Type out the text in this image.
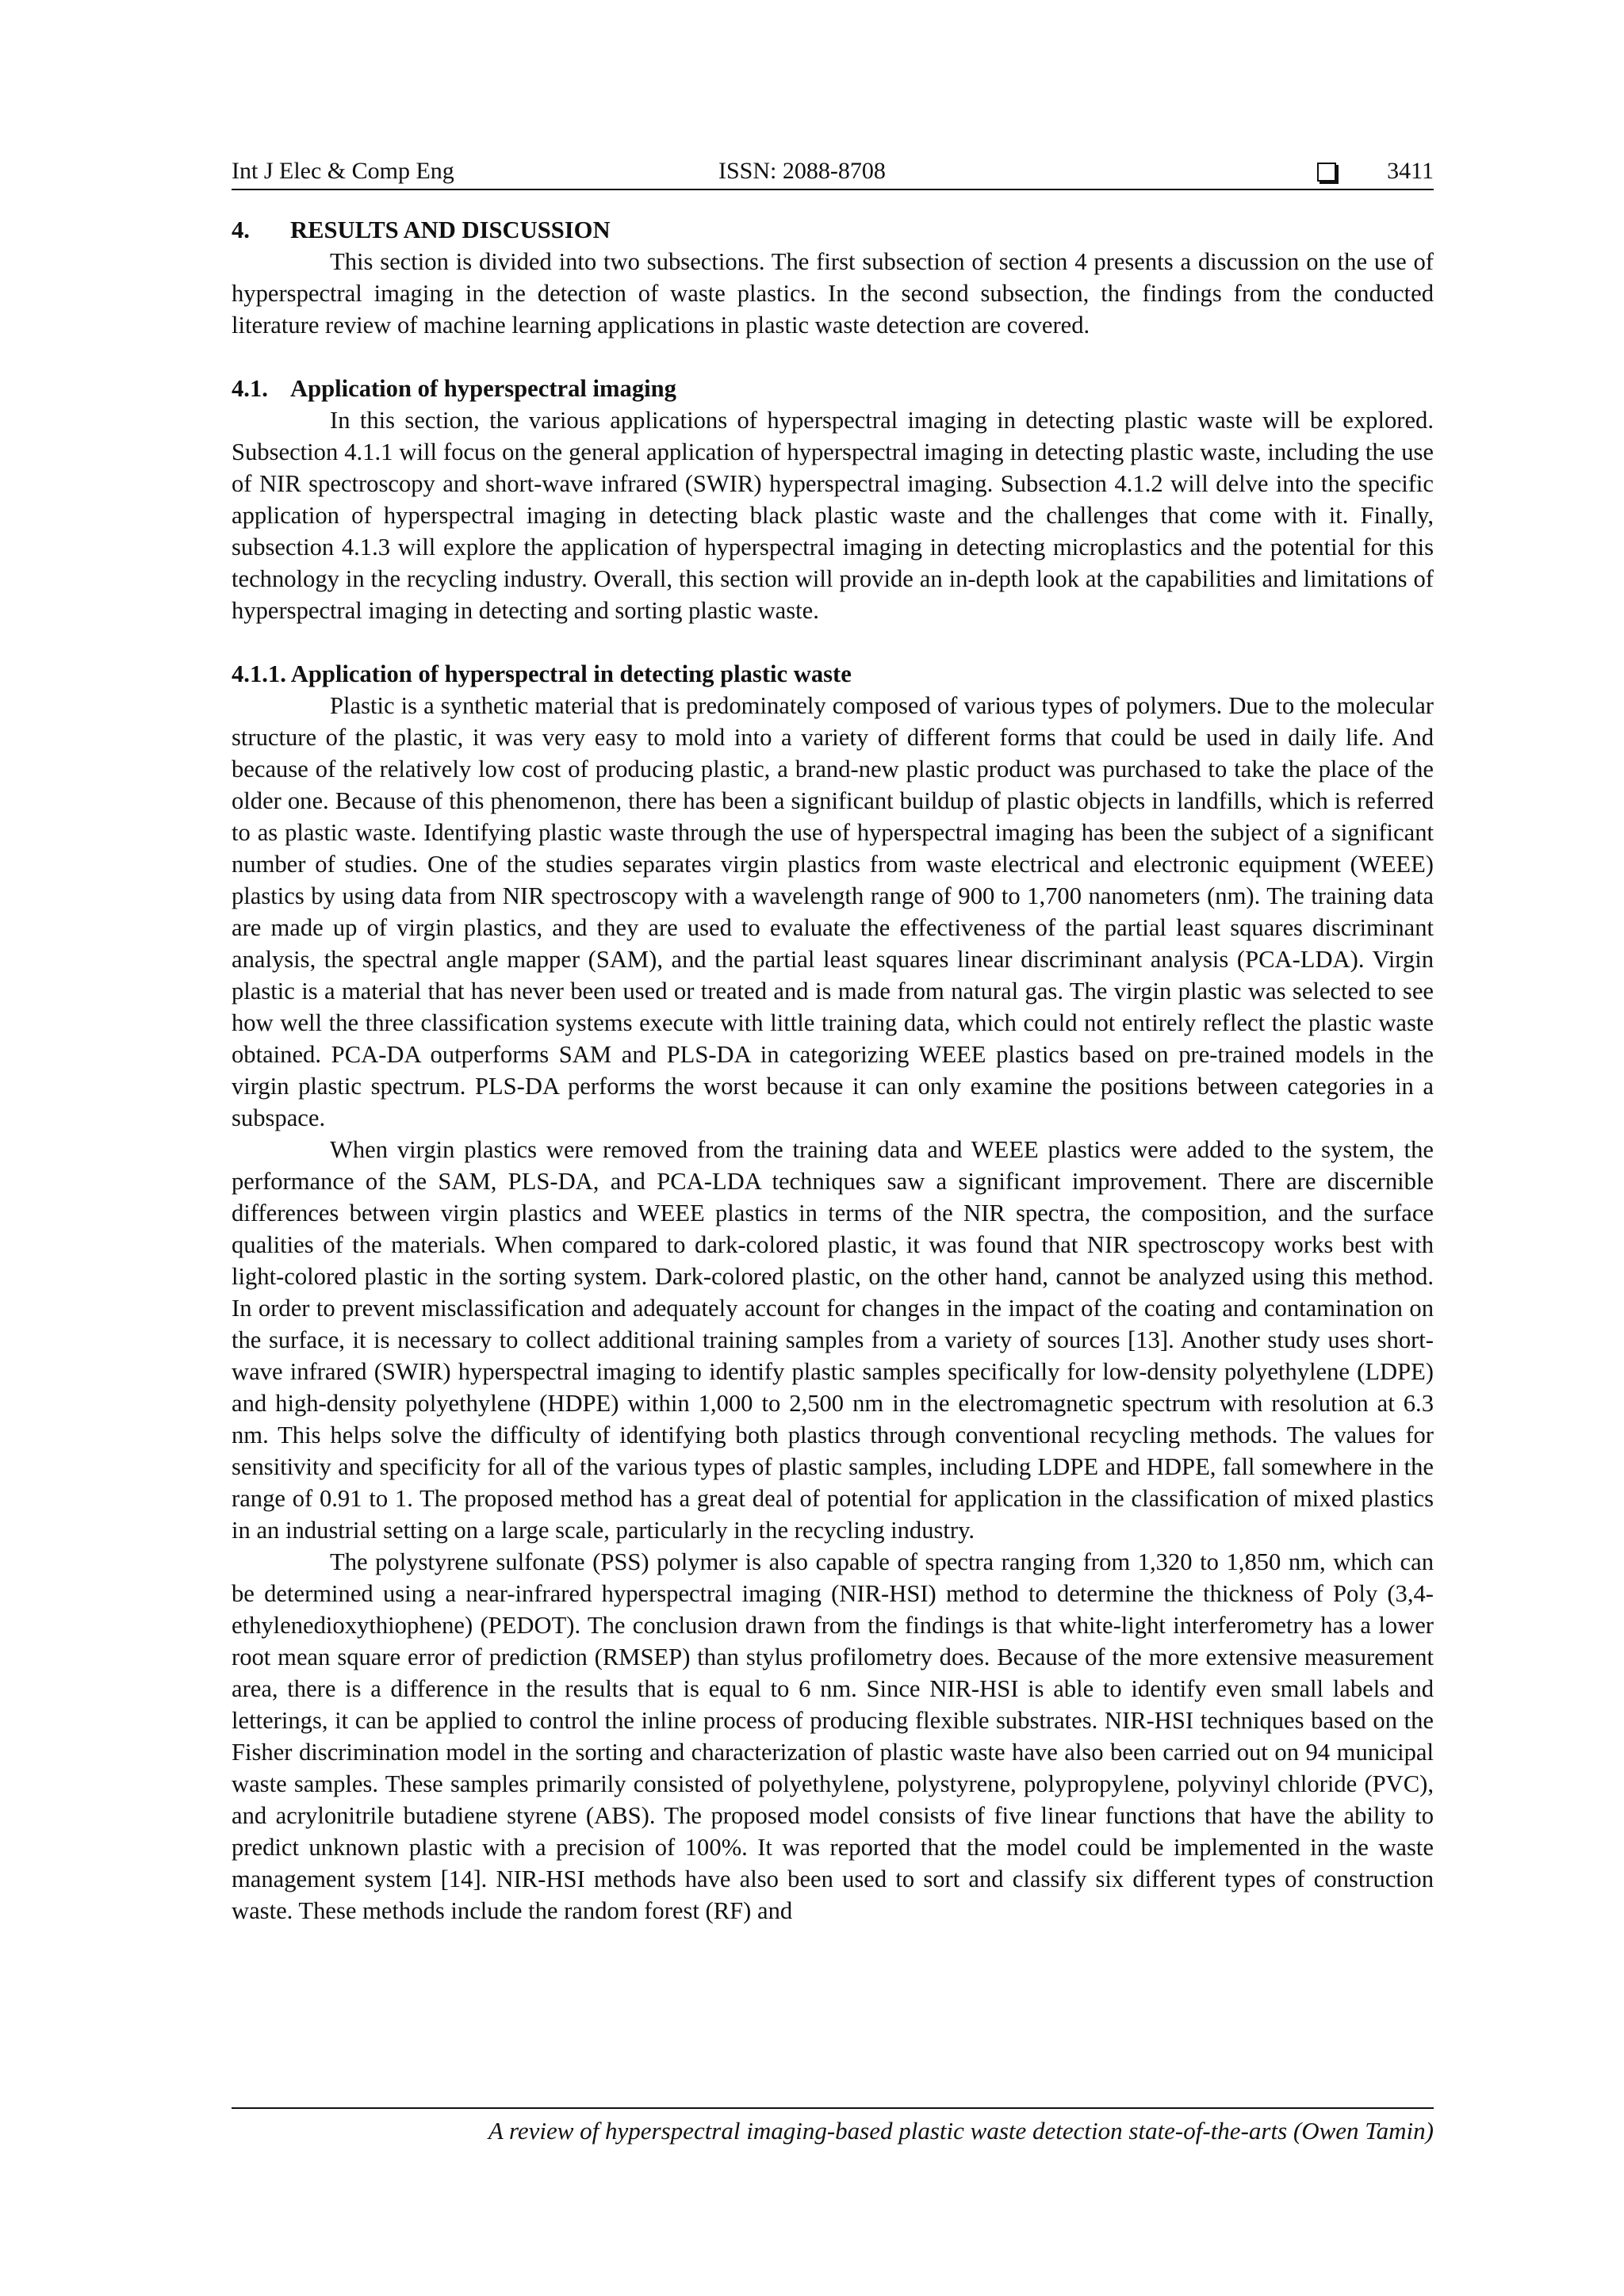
Int J Elec & Comp Eng	ISSN: 2088-8708	3411
4. RESULTS AND DISCUSSION

This section is divided into two subsections. The first subsection of section 4 presents a discussion on the use of hyperspectral imaging in the detection of waste plastics. In the second subsection, the findings from the conducted literature review of machine learning applications in plastic waste detection are covered.

4.1. Application of hyperspectral imaging

In this section, the various applications of hyperspectral imaging in detecting plastic waste will be explored. Subsection 4.1.1 will focus on the general application of hyperspectral imaging in detecting plastic waste, including the use of NIR spectroscopy and short-wave infrared (SWIR) hyperspectral imaging. Subsection 4.1.2 will delve into the specific application of hyperspectral imaging in detecting black plastic waste and the challenges that come with it. Finally, subsection 4.1.3 will explore the application of hyperspectral imaging in detecting microplastics and the potential for this technology in the recycling industry. Overall, this section will provide an in-depth look at the capabilities and limitations of hyperspectral imaging in detecting and sorting plastic waste.

4.1.1. Application of hyperspectral in detecting plastic waste

Plastic is a synthetic material that is predominately composed of various types of polymers. Due to the molecular structure of the plastic, it was very easy to mold into a variety of different forms that could be used in daily life. And because of the relatively low cost of producing plastic, a brand-new plastic product was purchased to take the place of the older one. Because of this phenomenon, there has been a significant buildup of plastic objects in landfills, which is referred to as plastic waste. Identifying plastic waste through the use of hyperspectral imaging has been the subject of a significant number of studies. One of the studies separates virgin plastics from waste electrical and electronic equipment (WEEE) plastics by using data from NIR spectroscopy with a wavelength range of 900 to 1,700 nanometers (nm). The training data are made up of virgin plastics, and they are used to evaluate the effectiveness of the partial least squares discriminant analysis, the spectral angle mapper (SAM), and the partial least squares linear discriminant analysis (PCA-LDA). Virgin plastic is a material that has never been used or treated and is made from natural gas. The virgin plastic was selected to see how well the three classification systems execute with little training data, which could not entirely reflect the plastic waste obtained. PCA-DA outperforms SAM and PLS-DA in categorizing WEEE plastics based on pre-trained models in the virgin plastic spectrum. PLS-DA performs the worst because it can only examine the positions between categories in a subspace.

When virgin plastics were removed from the training data and WEEE plastics were added to the system, the performance of the SAM, PLS-DA, and PCA-LDA techniques saw a significant improvement. There are discernible differences between virgin plastics and WEEE plastics in terms of the NIR spectra, the composition, and the surface qualities of the materials. When compared to dark-colored plastic, it was found that NIR spectroscopy works best with light-colored plastic in the sorting system. Dark-colored plastic, on the other hand, cannot be analyzed using this method. In order to prevent misclassification and adequately account for changes in the impact of the coating and contamination on the surface, it is necessary to collect additional training samples from a variety of sources [13]. Another study uses short-wave infrared (SWIR) hyperspectral imaging to identify plastic samples specifically for low-density polyethylene (LDPE) and high-density polyethylene (HDPE) within 1,000 to 2,500 nm in the electromagnetic spectrum with resolution at 6.3 nm. This helps solve the difficulty of identifying both plastics through conventional recycling methods. The values for sensitivity and specificity for all of the various types of plastic samples, including LDPE and HDPE, fall somewhere in the range of 0.91 to 1. The proposed method has a great deal of potential for application in the classification of mixed plastics in an industrial setting on a large scale, particularly in the recycling industry.

The polystyrene sulfonate (PSS) polymer is also capable of spectra ranging from 1,320 to 1,850 nm, which can be determined using a near-infrared hyperspectral imaging (NIR-HSI) method to determine the thickness of Poly (3,4-ethylenedioxythiophene) (PEDOT). The conclusion drawn from the findings is that white-light interferometry has a lower root mean square error of prediction (RMSEP) than stylus profilometry does. Because of the more extensive measurement area, there is a difference in the results that is equal to 6 nm. Since NIR-HSI is able to identify even small labels and letterings, it can be applied to control the inline process of producing flexible substrates. NIR-HSI techniques based on the Fisher discrimination model in the sorting and characterization of plastic waste have also been carried out on 94 municipal waste samples. These samples primarily consisted of polyethylene, polystyrene, polypropylene, polyvinyl chloride (PVC), and acrylonitrile butadiene styrene (ABS). The proposed model consists of five linear functions that have the ability to predict unknown plastic with a precision of 100%. It was reported that the model could be implemented in the waste management system [14]. NIR-HSI methods have also been used to sort and classify six different types of construction waste. These methods include the random forest (RF) and

A review of hyperspectral imaging-based plastic waste detection state-of-the-arts (Owen Tamin)
